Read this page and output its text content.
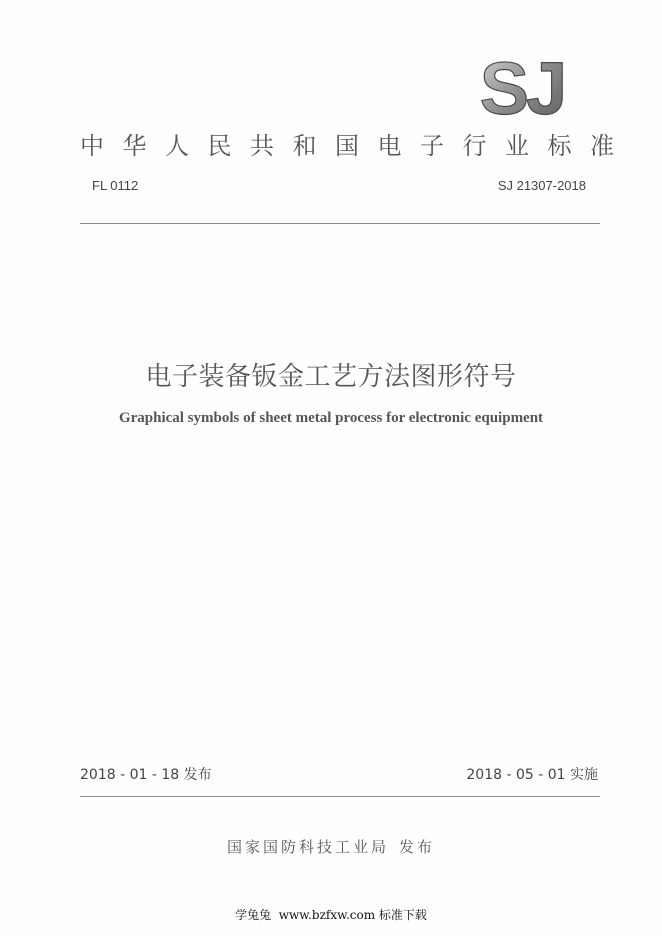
SJ
中华人民共和国电子行业标准
FL 0112	SJ 21307-2018
电子装备钣金工艺方法图形符号
Graphical symbols of sheet metal process for electronic equipment
2018 - 01 - 18 发布	2018 - 05 - 01 实施
国家国防科技工业局 发布
学兔兔  www.bzfxw.com 标准下载
